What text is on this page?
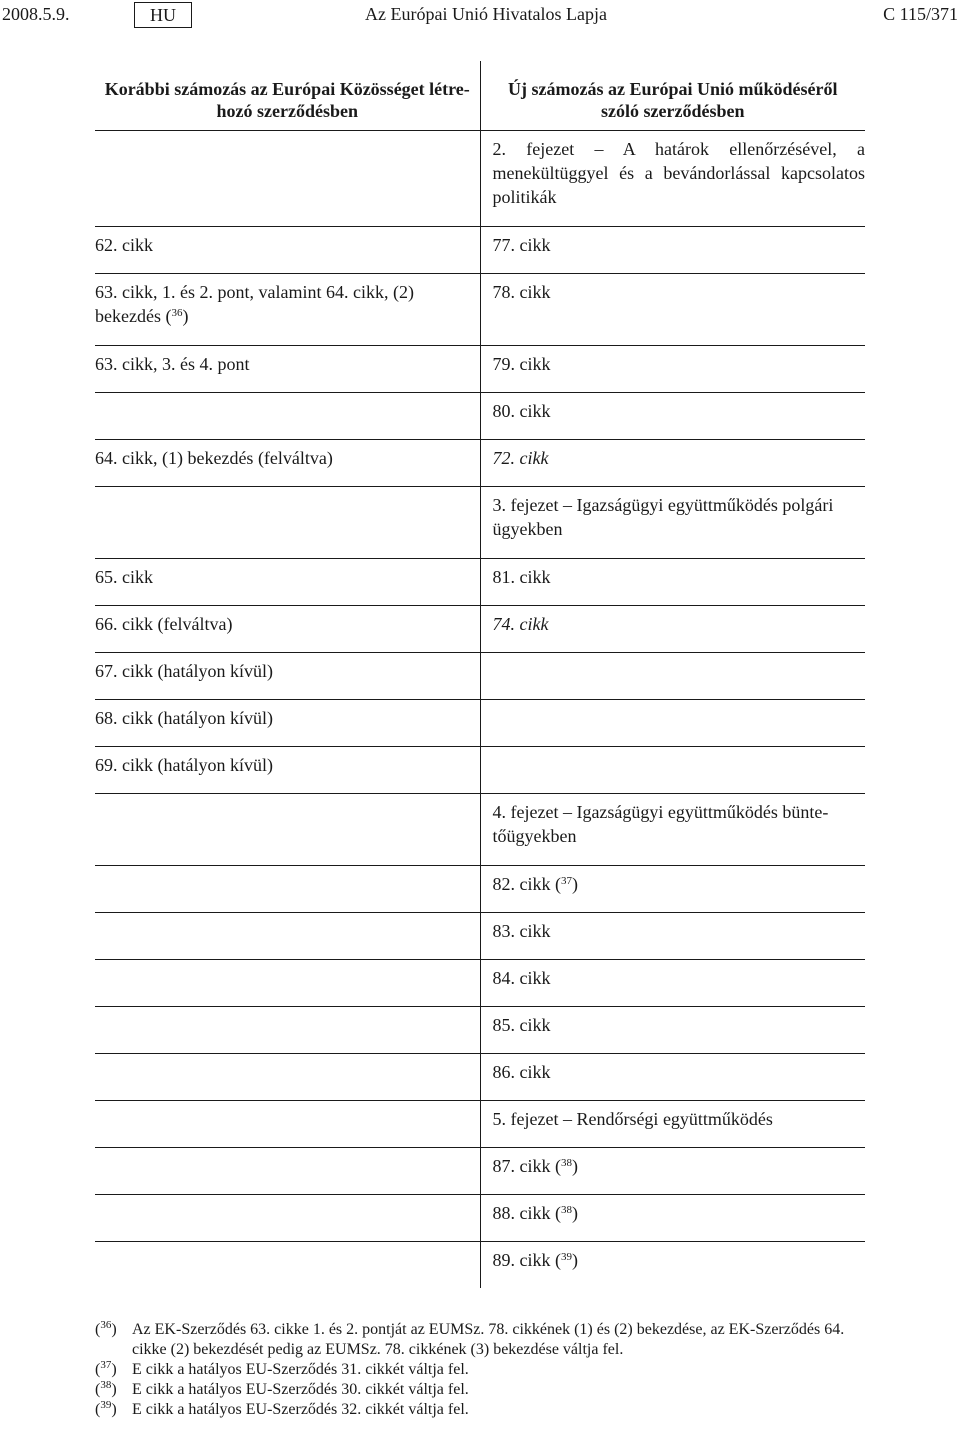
2008.5.9.	HU	Az Európai Unió Hivatalos Lapja	C 115/371
Korábbi számozás az Európai Közösséget létre-hozó szerződésben	Új számozás az Európai Unió működéséről szóló szerződésben
	2. fejezet – A határok ellenőrzésével, a menekültüggyel és a bevándorlással kapcsolatos politikák
62. cikk	77. cikk
63. cikk, 1. és 2. pont, valamint 64. cikk, (2) bekezdés ($^{36}$)	78. cikk
63. cikk, 3. és 4. pont	79. cikk
	80. cikk
64. cikk, (1) bekezdés (felváltva)	72. cikk
	3. fejezet – Igazságügyi együttműködés polgári ügyekben
65. cikk	81. cikk
66. cikk (felváltva)	74. cikk
67. cikk (hatályon kívül)	
68. cikk (hatályon kívül)	
69. cikk (hatályon kívül)	
	4. fejezet – Igazságügyi együttműködés bünte-tőügyekben
	82. cikk ($^{37}$)
	83. cikk
	84. cikk
	85. cikk
	86. cikk
	5. fejezet – Rendőrségi együttműködés
	87. cikk ($^{38}$)
	88. cikk ($^{38}$)
	89. cikk ($^{39}$)
($^{36}$) Az EK-Szerződés 63. cikke 1. és 2. pontját az EUMSz. 78. cikkének (1) és (2) bekezdése, az EK-Szerződés 64. cikke (2) bekezdését pedig az EUMSz. 78. cikkének (3) bekezdése váltja fel.
($^{37}$) E cikk a hatályos EU-Szerződés 31. cikkét váltja fel.
($^{38}$) E cikk a hatályos EU-Szerződés 30. cikkét váltja fel.
($^{39}$) E cikk a hatályos EU-Szerződés 32. cikkét váltja fel.
